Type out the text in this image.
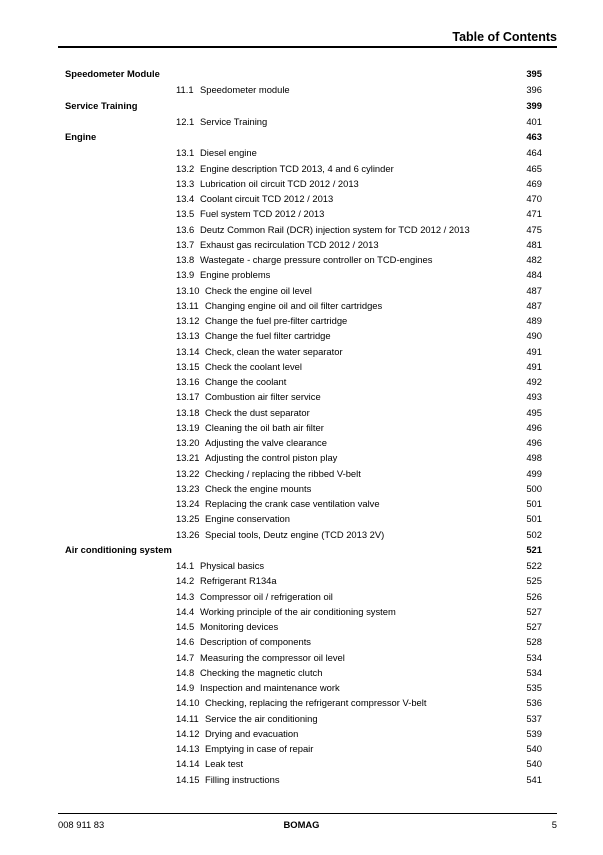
Table of Contents
Speedometer Module	395
11.1 Speedometer module	396
Service Training	399
12.1 Service Training	401
Engine	463
13.1 Diesel engine	464
13.2 Engine description TCD 2013, 4 and 6 cylinder	465
13.3 Lubrication oil circuit TCD 2012 / 2013	469
13.4 Coolant circuit TCD 2012 / 2013	470
13.5 Fuel system TCD 2012 / 2013	471
13.6 Deutz Common Rail (DCR) injection system for TCD 2012 / 2013	475
13.7 Exhaust gas recirculation TCD 2012 / 2013	481
13.8 Wastegate - charge pressure controller on TCD-engines	482
13.9 Engine problems	484
13.10 Check the engine oil level	487
13.11 Changing engine oil and oil filter cartridges	487
13.12 Change the fuel pre-filter cartridge	489
13.13 Change the fuel filter cartridge	490
13.14 Check, clean the water separator	491
13.15 Check the coolant level	491
13.16 Change the coolant	492
13.17 Combustion air filter service	493
13.18 Check the dust separator	495
13.19 Cleaning the oil bath air filter	496
13.20 Adjusting the valve clearance	496
13.21 Adjusting the control piston play	498
13.22 Checking / replacing the ribbed V-belt	499
13.23 Check the engine mounts	500
13.24 Replacing the crank case ventilation valve	501
13.25 Engine conservation	501
13.26 Special tools, Deutz engine (TCD 2013 2V)	502
Air conditioning system	521
14.1 Physical basics	522
14.2 Refrigerant R134a	525
14.3 Compressor oil / refrigeration oil	526
14.4 Working principle of the air conditioning system	527
14.5 Monitoring devices	527
14.6 Description of components	528
14.7 Measuring the compressor oil level	534
14.8 Checking the magnetic clutch	534
14.9 Inspection and maintenance work	535
14.10 Checking, replacing the refrigerant compressor V-belt	536
14.11 Service the air conditioning	537
14.12 Drying and evacuation	539
14.13 Emptying in case of repair	540
14.14 Leak test	540
14.15 Filling instructions	541
008 911 83	BOMAG	5
